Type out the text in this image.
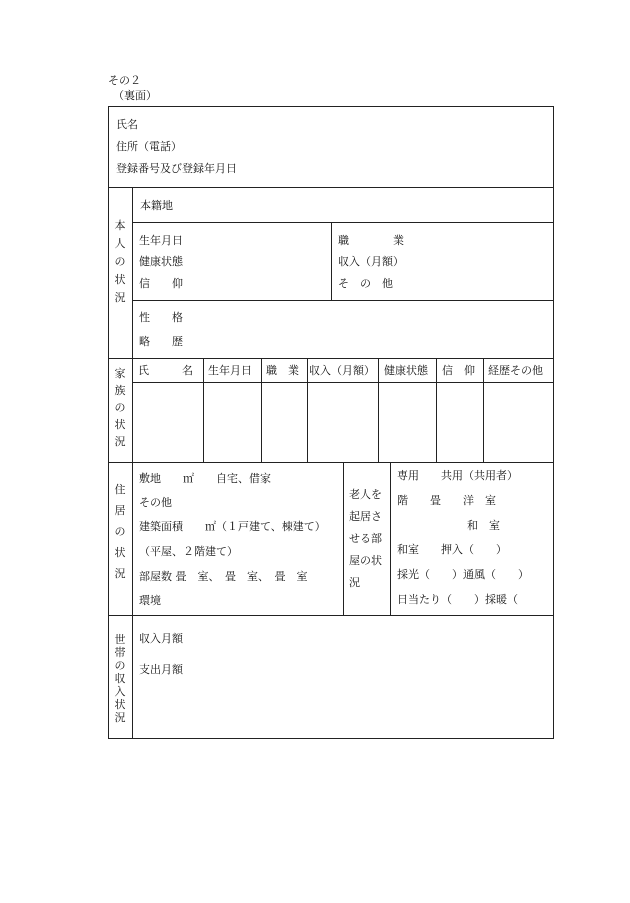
その２
（裏面）
氏名
住所（電話）
登録番号及び登録年月日
本
人
の
状
況
本籍地
生年月日
健康状態
信　　仰
職　　　　業
収入（月額）
そ　の　他
性　　格
略　　歴
家
族
の
状
況
氏　　　名 生年月日 職　業 収入（月額） 健康状態 信　仰 経歴その他
住
居
の
状
況
敷地　　㎡　　自宅、借家
その他
建築面積　　㎡（１戸建て、棟建て）
（平屋、２階建て）
部屋数 畳　室、　畳　室、　畳　室
環境
老人を
起居さ
せる部
屋の状
況
専用　　共用（共用者）
階　　畳　　洋　室
和　室
和室　　押入（　　）
採光（　　）通風（　　）
日当たり（　　）採暖（
世
帯
の
収
入
状
況
収入月額
支出月額
